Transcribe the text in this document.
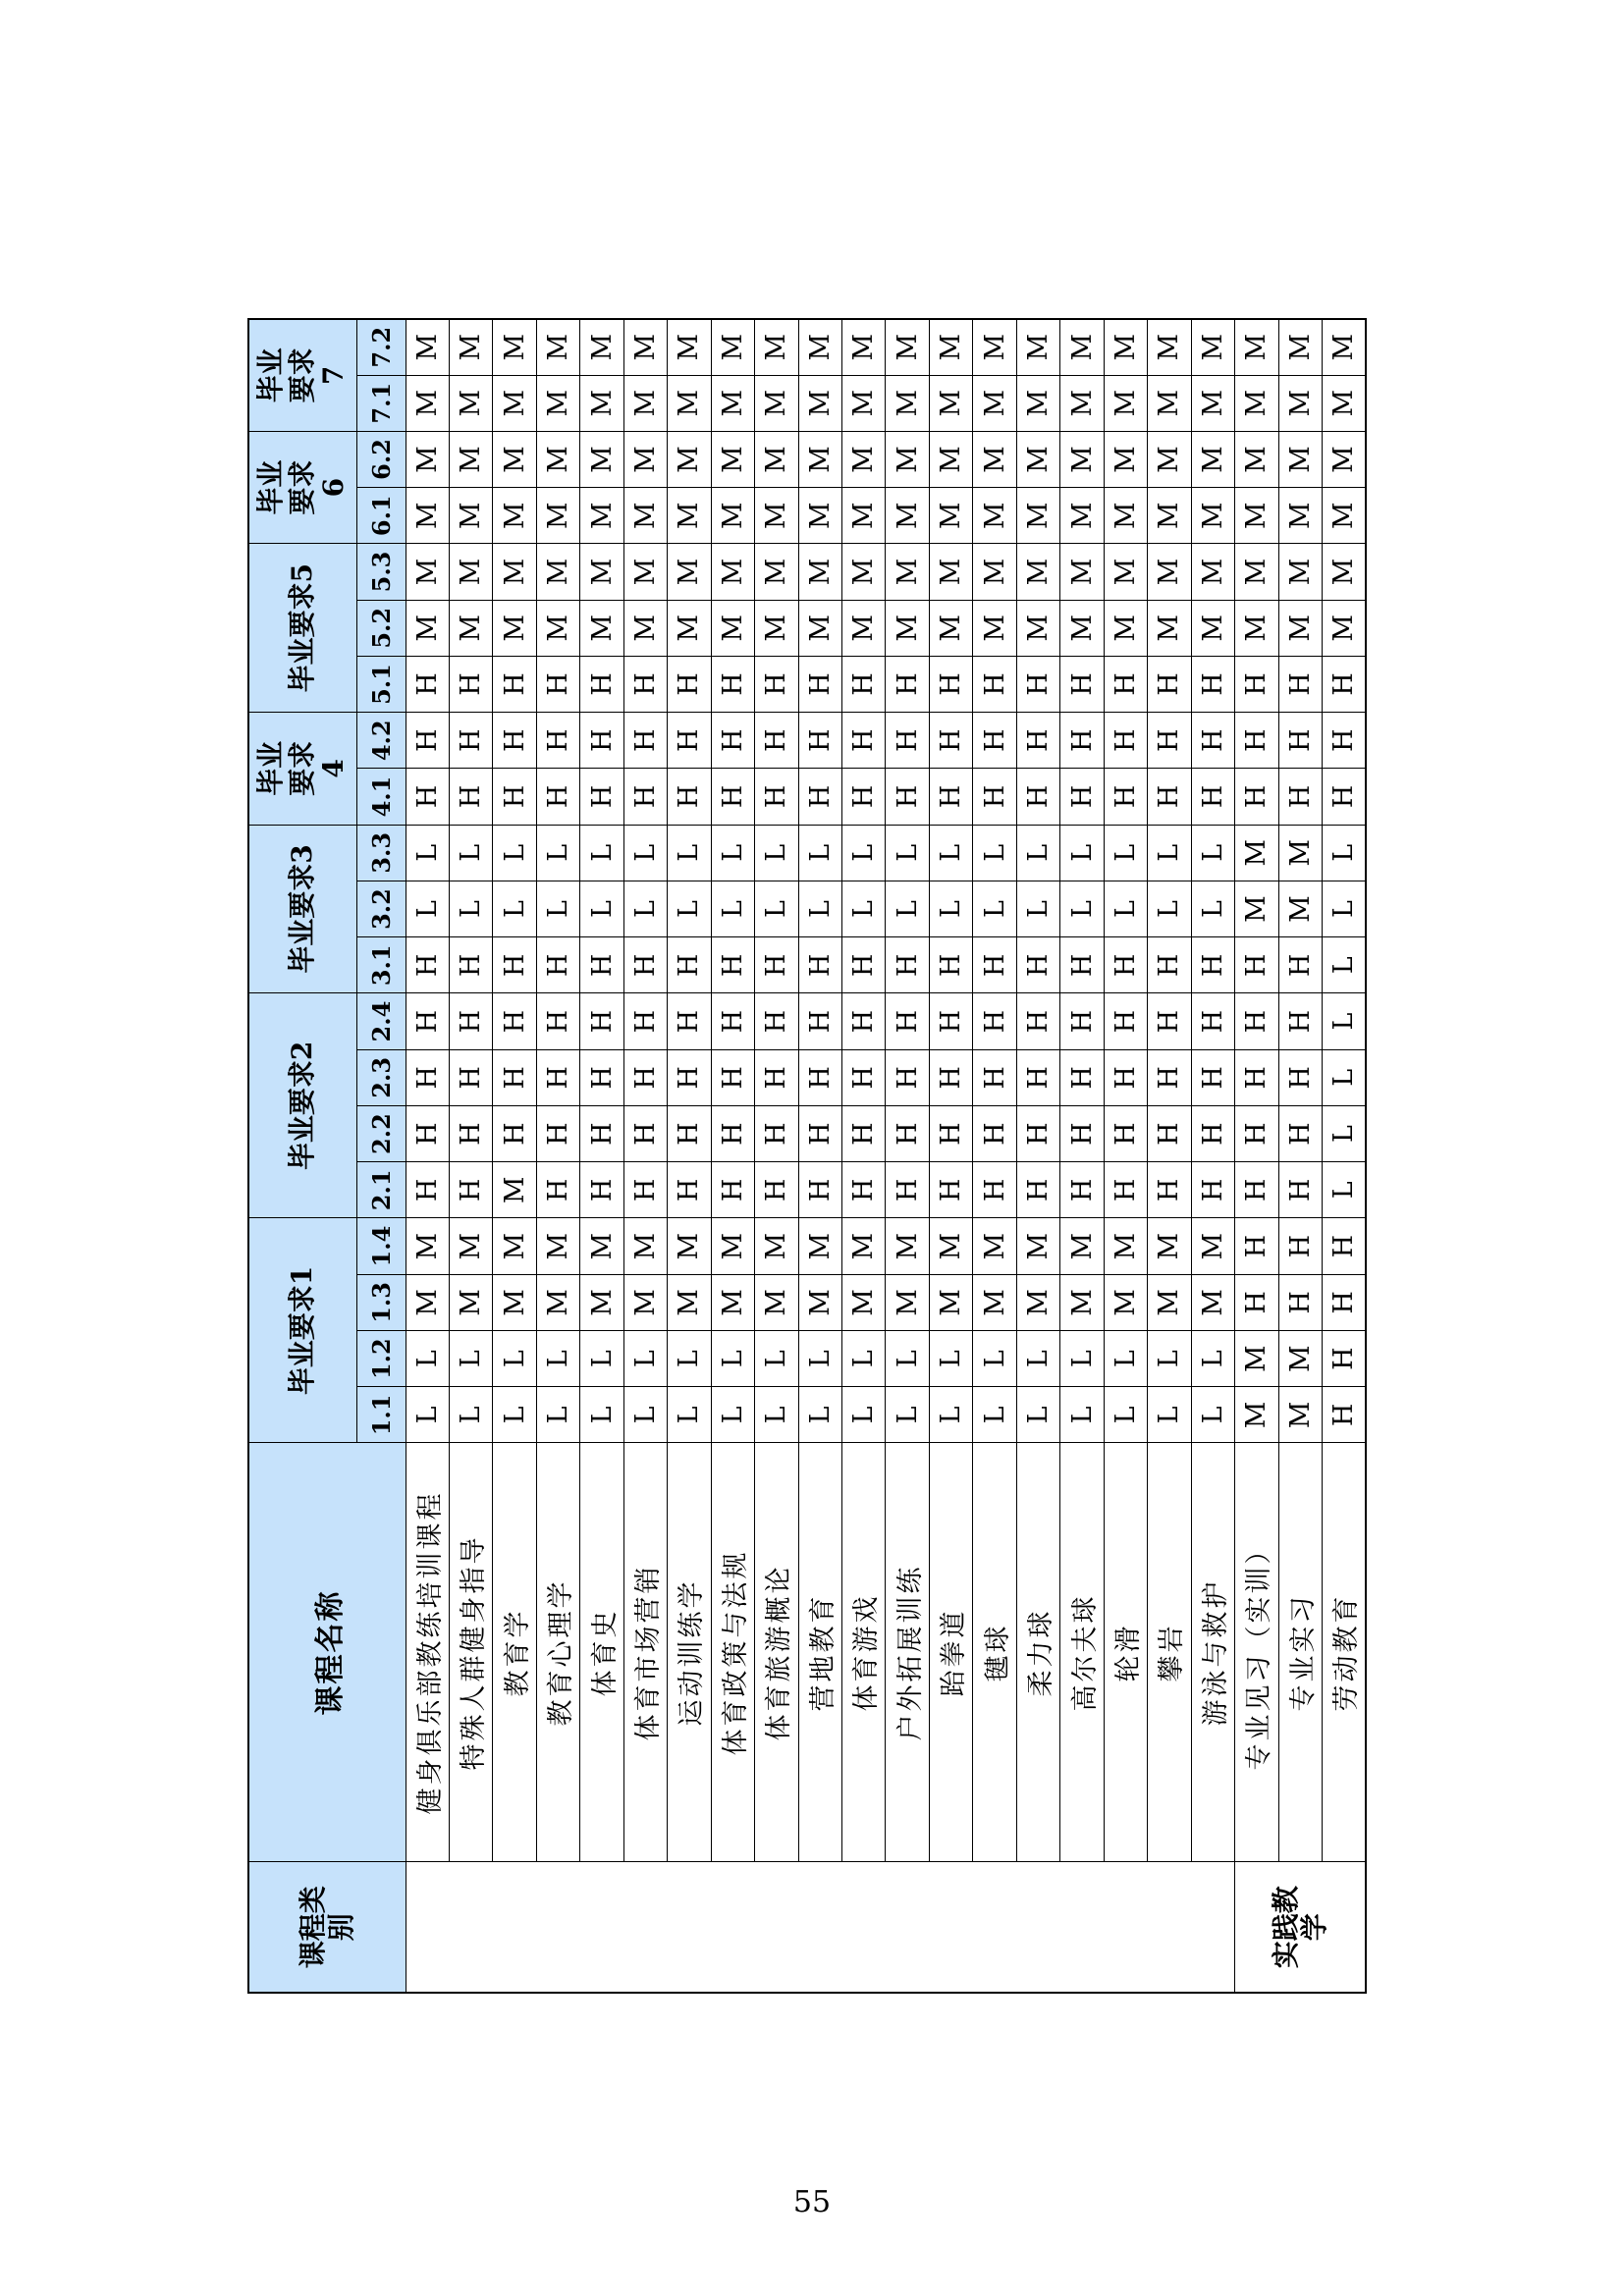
课程类别	课程名称	毕业要求1				毕业要求2				毕业要求3			毕业要求4		毕业要求5			毕业要求6		毕业要求7	
		1.1	1.2	1.3	1.4	2.1	2.2	2.3	2.4	3.1	3.2	3.3	4.1	4.2	5.1	5.2	5.3	6.1	6.2	7.1	7.2
	健身俱乐部教练培训课程	L	L	M	M	H	H	H	H	H	L	L	H	H	H	M	M	M	M	M	M
	特殊人群健身指导	L	L	M	M	H	H	H	H	H	L	L	H	H	H	M	M	M	M	M	M
	教育学	L	L	M	M	M	H	H	H	H	L	L	H	H	H	M	M	M	M	M	M
	教育心理学	L	L	M	M	H	H	H	H	H	L	L	H	H	H	M	M	M	M	M	M
	体育史	L	L	M	M	H	H	H	H	H	L	L	H	H	H	M	M	M	M	M	M
	体育市场营销	L	L	M	M	H	H	H	H	H	L	L	H	H	H	M	M	M	M	M	M
	运动训练学	L	L	M	M	H	H	H	H	H	L	L	H	H	H	M	M	M	M	M	M
	体育政策与法规	L	L	M	M	H	H	H	H	H	L	L	H	H	H	M	M	M	M	M	M
	体育旅游概论	L	L	M	M	H	H	H	H	H	L	L	H	H	H	M	M	M	M	M	M
	营地教育	L	L	M	M	H	H	H	H	H	L	L	H	H	H	M	M	M	M	M	M
	体育游戏	L	L	M	M	H	H	H	H	H	L	L	H	H	H	M	M	M	M	M	M
	户外拓展训练	L	L	M	M	H	H	H	H	H	L	L	H	H	H	M	M	M	M	M	M
	跆拳道	L	L	M	M	H	H	H	H	H	L	L	H	H	H	M	M	M	M	M	M
	毽球	L	L	M	M	H	H	H	H	H	L	L	H	H	H	M	M	M	M	M	M
	柔力球	L	L	M	M	H	H	H	H	H	L	L	H	H	H	M	M	M	M	M	M
	高尔夫球	L	L	M	M	H	H	H	H	H	L	L	H	H	H	M	M	M	M	M	M
	轮滑	L	L	M	M	H	H	H	H	H	L	L	H	H	H	M	M	M	M	M	M
	攀岩	L	L	M	M	H	H	H	H	H	L	L	H	H	H	M	M	M	M	M	M
	游泳与救护	L	L	M	M	H	H	H	H	H	L	L	H	H	H	M	M	M	M	M	M
实践教学	专业见习（实训）	M	M	H	H	H	H	H	H	H	M	M	H	H	H	M	M	M	M	M	M
	专业实习	M	M	H	H	H	H	H	H	H	M	M	H	H	H	M	M	M	M	M	M
	劳动教育	H	H	H	H	L	L	L	L	L	L	L	H	H	H	M	M	M	M	M	M
55
